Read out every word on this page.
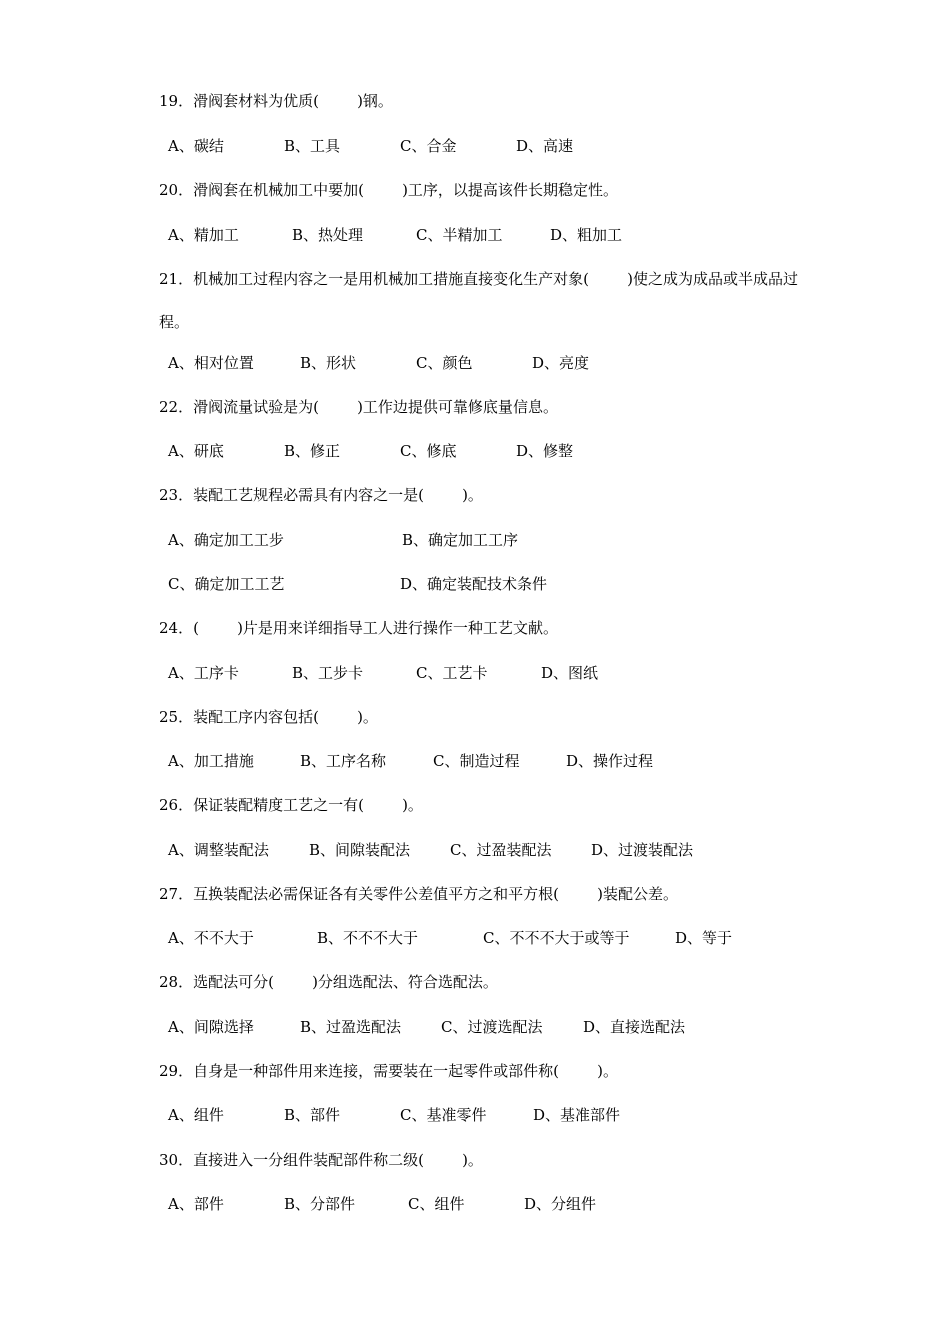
19．滑阀套材料为优质(        )钢。
A、碳结	B、工具	C、合金	D、高速
20．滑阀套在机械加工中要加(        )工序，以提高该件长期稳定性。
A、精加工	B、热处理	C、半精加工	D、粗加工
21．机械加工过程内容之一是用机械加工措施直接变化生产对象(        )使之成为成品或半成品过
程。
A、相对位置	B、形状	C、颜色	D、亮度
22．滑阀流量试验是为(        )工作边提供可靠修底量信息。
A、研底	B、修正	C、修底	D、修整
23．装配工艺规程必需具有内容之一是(        )。
A、确定加工工步	B、确定加工工序
C、确定加工工艺	D、确定装配技术条件
24．(        )片是用来详细指导工人进行操作一种工艺文献。
A、工序卡	B、工步卡	C、工艺卡	D、图纸
25．装配工序内容包括(        )。
A、加工措施	B、工序名称	C、制造过程	D、操作过程
26．保证装配精度工艺之一有(        )。
A、调整装配法	B、间隙装配法	C、过盈装配法	D、过渡装配法
27．互换装配法必需保证各有关零件公差值平方之和平方根(        )装配公差。
A、不不大于	B、不不不大于	C、不不不大于或等于	D、等于
28．选配法可分(        )分组选配法、符合选配法。
A、间隙选择	B、过盈选配法	C、过渡选配法	D、直接选配法
29．自身是一种部件用来连接，需要装在一起零件或部件称(        )。
A、组件	B、部件	C、基准零件	D、基准部件
30．直接进入一分组件装配部件称二级(        )。
A、部件	B、分部件	C、组件	D、分组件
